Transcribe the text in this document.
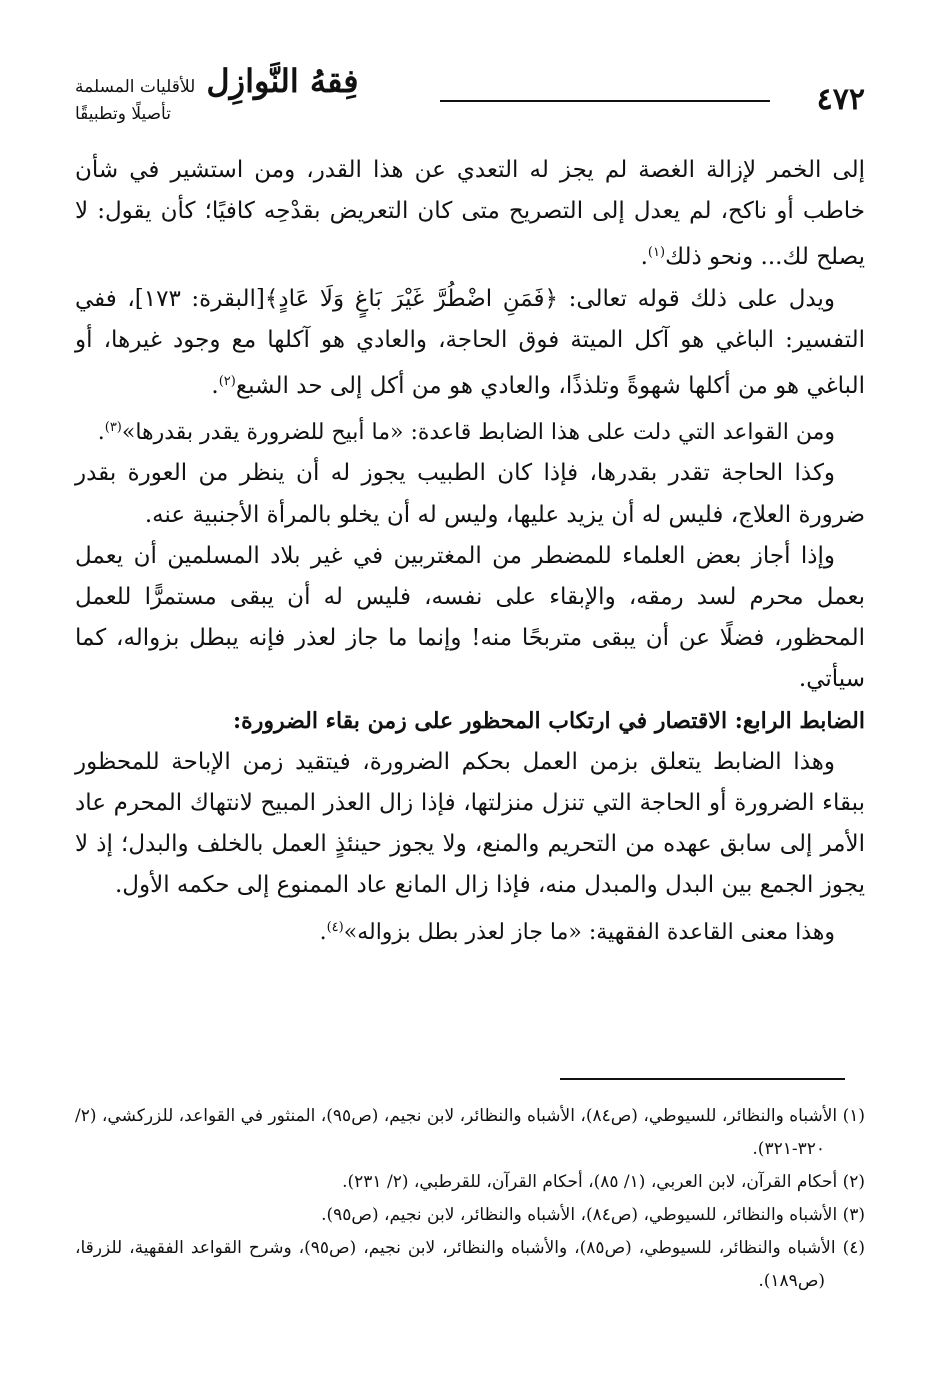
٤٧٢
فِقهُ النَّوازِل للأقليات المسلمة
تأصيلًا وتطبيقًا

إلى الخمر لإزالة الغصة لم يجز له التعدي عن هذا القدر، ومن استشير في شأن خاطب أو ناكح، لم يعدل إلى التصريح متى كان التعريض بقدْحِه كافيًا؛ كأن يقول: لا يصلح لك... ونحو ذلك$^{(١)}$.

ويدل على ذلك قوله تعالى: ﴿فَمَنِ اضْطُرَّ غَيْرَ بَاغٍ وَلَا عَادٍ﴾[البقرة: ١٧٣]، ففي التفسير: الباغي هو آكل الميتة فوق الحاجة، والعادي هو آكلها مع وجود غيرها، أو الباغي هو من أكلها شهوةً وتلذذًا، والعادي هو من أكل إلى حد الشبع$^{(٢)}$.

ومن القواعد التي دلت على هذا الضابط قاعدة: «ما أبيح للضرورة يقدر بقدرها»$^{(٣)}$.

وكذا الحاجة تقدر بقدرها، فإذا كان الطبيب يجوز له أن ينظر من العورة بقدر ضرورة العلاج، فليس له أن يزيد عليها، وليس له أن يخلو بالمرأة الأجنبية عنه.

وإذا أجاز بعض العلماء للمضطر من المغتربين في غير بلاد المسلمين أن يعمل بعمل محرم لسد رمقه، والإبقاء على نفسه، فليس له أن يبقى مستمرًّا للعمل المحظور، فضلًا عن أن يبقى متربحًا منه! وإنما ما جاز لعذر فإنه يبطل بزواله، كما سيأتي.

الضابط الرابع: الاقتصار في ارتكاب المحظور على زمن بقاء الضرورة:

وهذا الضابط يتعلق بزمن العمل بحكم الضرورة، فيتقيد زمن الإباحة للمحظور ببقاء الضرورة أو الحاجة التي تنزل منزلتها، فإذا زال العذر المبيح لانتهاك المحرم عاد الأمر إلى سابق عهده من التحريم والمنع، ولا يجوز حينئذٍ العمل بالخلف والبدل؛ إذ لا يجوز الجمع بين البدل والمبدل منه، فإذا زال المانع عاد الممنوع إلى حكمه الأول.

وهذا معنى القاعدة الفقهية: «ما جاز لعذر بطل بزواله»$^{(٤)}$.

(١) الأشباه والنظائر، للسيوطي، (ص٨٤)، الأشباه والنظائر، لابن نجيم، (ص٩٥)، المنثور في القواعد، للزركشي، (٢/ ٣٢٠-٣٢١).

(٢) أحكام القرآن، لابن العربي، (١/ ٨٥)، أحكام القرآن، للقرطبي، (٢/ ٢٣١).

(٣) الأشباه والنظائر، للسيوطي، (ص٨٤)، الأشباه والنظائر، لابن نجيم، (ص٩٥).

(٤) الأشباه والنظائر، للسيوطي، (ص٨٥)، والأشباه والنظائر، لابن نجيم، (ص٩٥)، وشرح القواعد الفقهية، للزرقا، (ص١٨٩).
